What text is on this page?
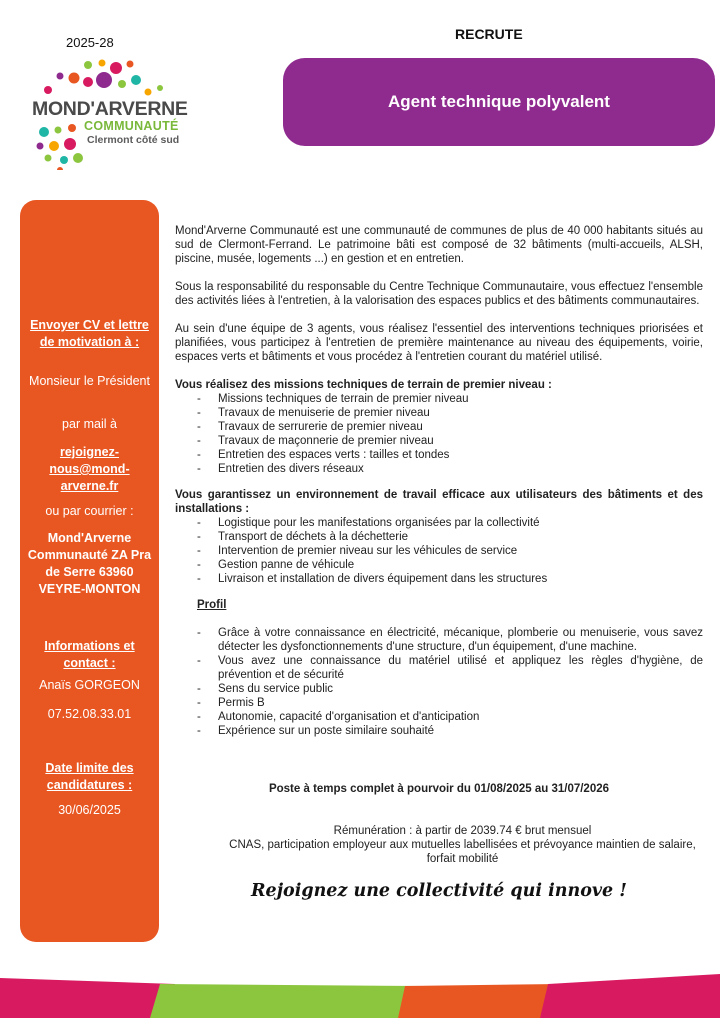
2025-28
MOND'ARVERNE
COMMUNAUTÉ
Clermont côté sud
RECRUTE
Agent technique polyvalent
Envoyer CV et lettre de motivation à :
Monsieur le Président
par mail à
rejoignez-nous@mond-arverne.fr
ou par courrier :
Mond'Arverne Communauté ZA Pra de Serre 63960 VEYRE-MONTON
Informations et contact :
Anaïs GORGEON
07.52.08.33.01
Date limite des candidatures :
30/06/2025

Mond'Arverne Communauté est une communauté de communes de plus de 40 000 habitants situés au sud de Clermont-Ferrand. Le patrimoine bâti est composé de 32 bâtiments (multi-accueils, ALSH, piscine, musée, logements ...) en gestion et en entretien.

Sous la responsabilité du responsable du Centre Technique Communautaire, vous effectuez l'ensemble des activités liées à l'entretien, à la valorisation des espaces publics et des bâtiments communautaires.

Au sein d'une équipe de 3 agents, vous réalisez l'essentiel des interventions techniques priorisées et planifiées, vous participez à l'entretien de première maintenance au niveau des équipements, voirie, espaces verts et bâtiments et vous procédez à l'entretien courant du matériel utilisé.

Vous réalisez des missions techniques de terrain de premier niveau :

- Missions techniques de terrain de premier niveau
- Travaux de menuiserie de premier niveau
- Travaux de serrurerie de premier niveau
- Travaux de maçonnerie de premier niveau
- Entretien des espaces verts : tailles et tondes
- Entretien des divers réseaux

Vous garantissez un environnement de travail efficace aux utilisateurs des bâtiments et des installations :

- Logistique pour les manifestations organisées par la collectivité
- Transport de déchets à la déchetterie
- Intervention de premier niveau sur les véhicules de service
- Gestion panne de véhicule
- Livraison et installation de divers équipement dans les structures

Profil

- Grâce à votre connaissance en électricité, mécanique, plomberie ou menuiserie, vous savez détecter les dysfonctionnements d'une structure, d'un équipement, d'une machine.
- Vous avez une connaissance du matériel utilisé et appliquez les règles d'hygiène, de prévention et de sécurité
- Sens du service public
- Permis B
- Autonomie, capacité d'organisation et d'anticipation
- Expérience sur un poste similaire souhaité
Poste à temps complet à pourvoir du 01/08/2025 au 31/07/2026
Rémunération : à partir de 2039.74 € brut mensuel
CNAS, participation employeur aux mutuelles labellisées et prévoyance maintien de salaire, forfait mobilité
Rejoignez une collectivité qui innove !
